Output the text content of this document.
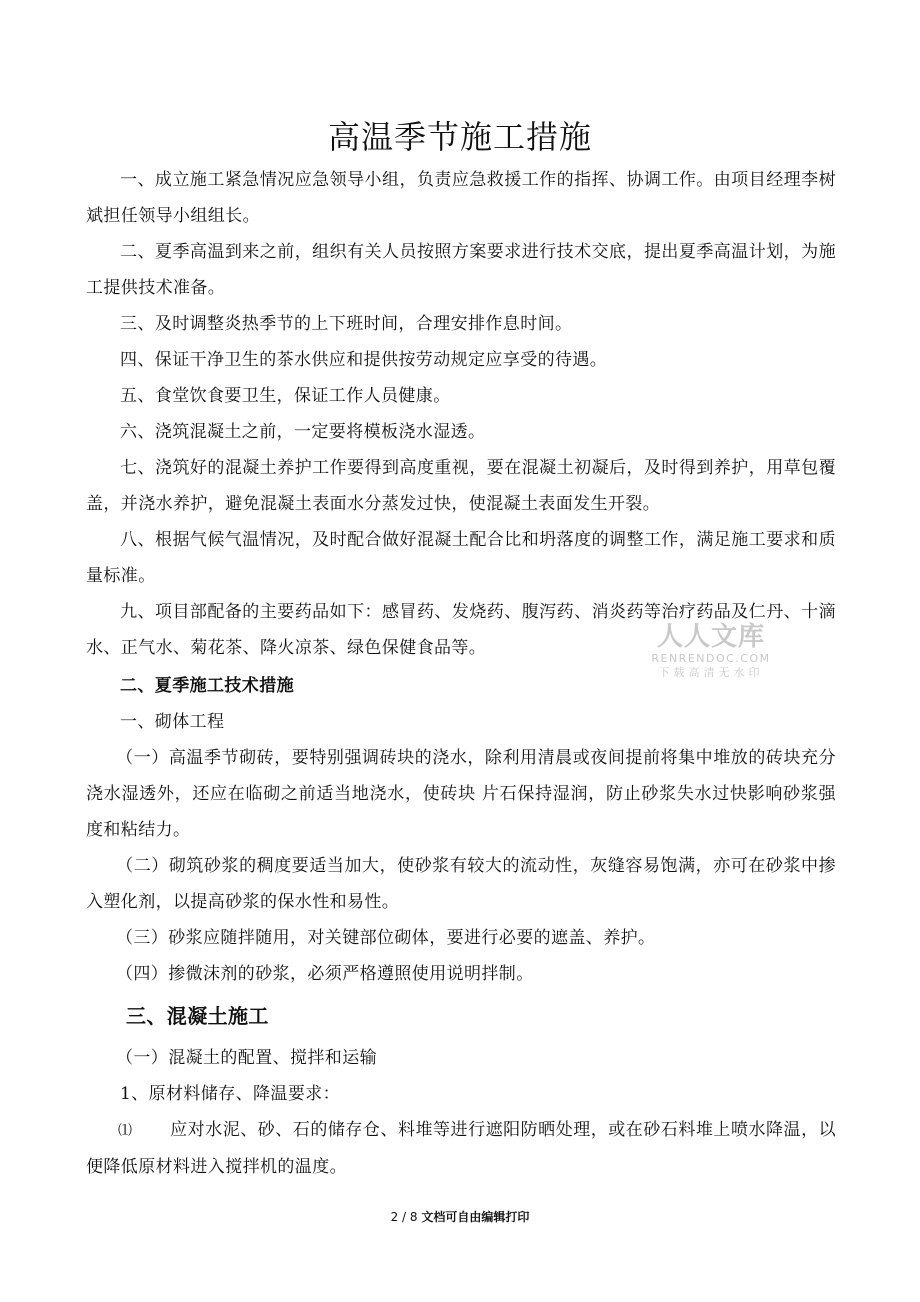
高温季节施工措施
一、成立施工紧急情况应急领导小组，负责应急救援工作的指挥、协调工作。由项目经理李树斌担任领导小组组长。
二、夏季高温到来之前，组织有关人员按照方案要求进行技术交底，提出夏季高温计划，为施工提供技术准备。
三、及时调整炎热季节的上下班时间，合理安排作息时间。
四、保证干净卫生的茶水供应和提供按劳动规定应享受的待遇。
五、食堂饮食要卫生，保证工作人员健康。
六、浇筑混凝土之前，一定要将模板浇水湿透。
七、浇筑好的混凝土养护工作要得到高度重视，要在混凝土初凝后，及时得到养护，用草包覆盖，并浇水养护，避免混凝土表面水分蒸发过快，使混凝土表面发生开裂。
八、根据气候气温情况，及时配合做好混凝土配合比和坍落度的调整工作，满足施工要求和质量标准。
九、项目部配备的主要药品如下：感冒药、发烧药、腹泻药、消炎药等治疗药品及仁丹、十滴水、正气水、菊花茶、降火凉茶、绿色保健食品等。
二、夏季施工技术措施
一、砌体工程
（一）高温季节砌砖，要特别强调砖块的浇水，除利用清晨或夜间提前将集中堆放的砖块充分浇水湿透外，还应在临砌之前适当地浇水，使砖块 片石保持湿润，防止砂浆失水过快影响砂浆强度和粘结力。
（二）砌筑砂浆的稠度要适当加大，使砂浆有较大的流动性，灰缝容易饱满，亦可在砂浆中掺入塑化剂，以提高砂浆的保水性和易性。
（三）砂浆应随拌随用，对关键部位砌体，要进行必要的遮盖、养护。
（四）掺微沫剂的砂浆，必须严格遵照使用说明拌制。
三、混凝土施工
（一）混凝土的配置、搅拌和运输
1、原材料储存、降温要求：
⑴ 应对水泥、砂、石的储存仓、料堆等进行遮阳防晒处理，或在砂石料堆上喷水降温，以便降低原材料进入搅拌机的温度。
人人文库
RENRENDOC.COM
下载高清无水印
2 / 8 文档可自由编辑打印
